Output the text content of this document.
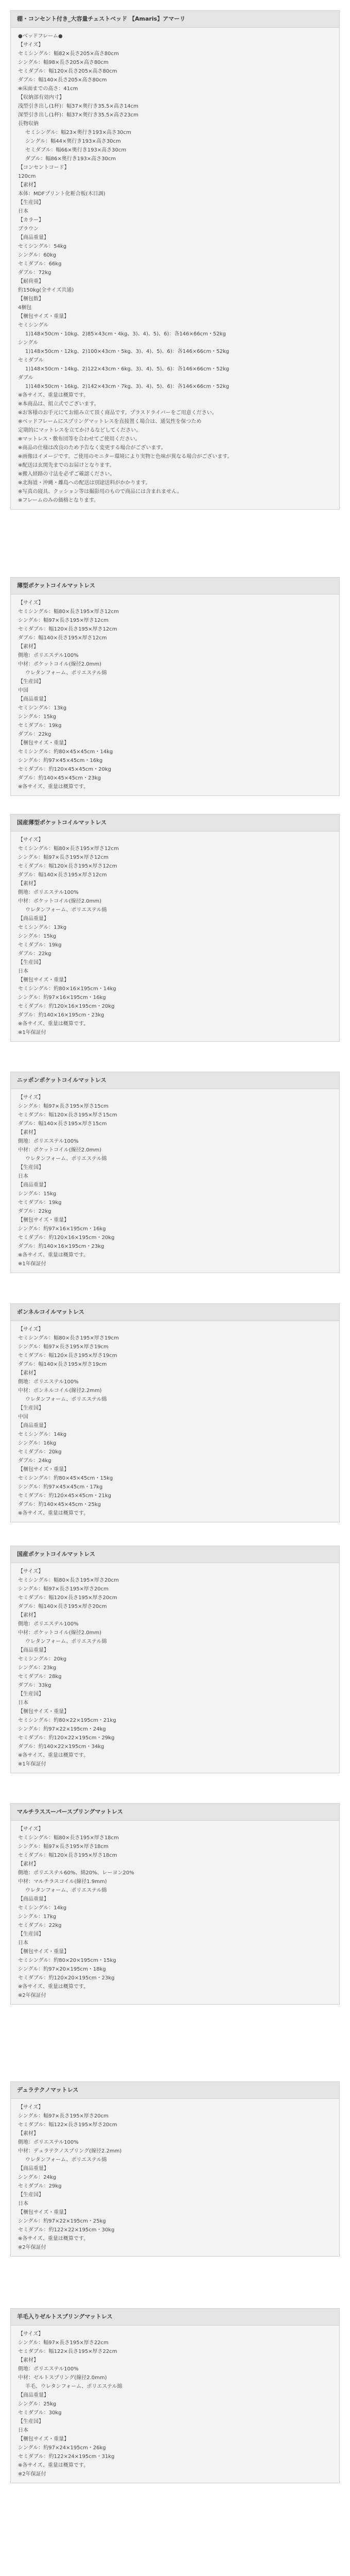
棚・コンセント付き_大容量チェストベッド 【Amaris】アマーリ
●ベッドフレーム●
【サイズ】
セミシングル：幅82×長さ205×高さ80cm
シングル：幅98×長さ205×高さ80cm
セミダブル：幅120×長さ205×高さ80cm
ダブル：幅140×長さ205×高さ80cm
※床面までの高さ：41cm
【収納部有効内寸】
浅型引き出し(1杯)：幅37×奥行き35.5×高さ14cm
深型引き出し(1杯)：幅37×奥行き35.5×高さ23cm
長物収納
セミシングル：幅23×奥行き193×高さ30cm
シングル：幅44×奥行き193×高さ30cm
セミダブル：幅66×奥行き193×高さ30cm
ダブル：幅86×奥行き193×高さ30cm
【コンセントコード】
120cm
【素材】
本体：MDFプリント化粧合板(木目調)
【生産国】
日本
【カラー】
ブラウン
【商品重量】
セミシングル：54kg
シングル：60kg
セミダブル：66kg
ダブル：72kg
【耐荷重】
約150kg(全サイズ共通)
【梱包数】
4梱包
【梱包サイズ・重量】
セミシングル
1)148×50cm・10kg、2)85×43cm・4kg、3)、4)、5)、6)：各146×66cm・52kg
シングル
1)148×50cm・12kg、2)100×43cm・5kg、3)、4)、5)、6)：各146×66cm・52kg
セミダブル
1)148×50cm・14kg、2)122×43cm・6kg、3)、4)、5)、6)：各146×66cm・52kg
ダブル
1)148×50cm・16kg、2)142×43cm・7kg、3)、4)、5)、6)：各146×66cm・52kg
※各サイズ、重量は概算です。
※本商品は、組立式でございます。
※お客様のお手元にてお組み立て頂く商品です。プラスドライバーをご用意ください。
※ベッドフレームにスプリングマットレスを直接置く場合は、通気性を保つため
定期的にマットレスを立てかけるなどしてください。
※マットレス・敷布団等を合わせてご使用ください。
※商品の仕様は改良のため予告なく変更する場合がございます。
※画像はイメージです。ご使用のモニター環境により実物と色味が異なる場合がございます。
※配送は玄関先までのお届けとなります。
※搬入経路の寸法を必ずご確認ください。
※北海道・沖縄・離島への配送は別途送料がかかります。
※写真の寝具、クッション等は撮影用のもので商品には含まれません。
※フレームのみの価格となります。
薄型ポケットコイルマットレス
【サイズ】
セミシングル：幅80×長さ195×厚さ12cm
シングル：幅97×長さ195×厚さ12cm
セミダブル：幅120×長さ195×厚さ12cm
ダブル：幅140×長さ195×厚さ12cm
【素材】
側地：ポリエステル100%
中材：ポケットコイル(線径2.0mm)
ウレタンフォーム、ポリエステル綿
【生産国】
中国
【商品重量】
セミシングル：13kg
シングル：15kg
セミダブル：19kg
ダブル：22kg
【梱包サイズ・重量】
セミシングル：約80×45×45cm・14kg
シングル：約97×45×45cm・16kg
セミダブル：約120×45×45cm・20kg
ダブル：約140×45×45cm・23kg
※各サイズ、重量は概算です。
国産薄型ポケットコイルマットレス
【サイズ】
セミシングル：幅80×長さ195×厚さ12cm
シングル：幅97×長さ195×厚さ12cm
セミダブル：幅120×長さ195×厚さ12cm
ダブル：幅140×長さ195×厚さ12cm
【素材】
側地：ポリエステル100%
中材：ポケットコイル(線径2.0mm)
ウレタンフォーム、ポリエステル綿
【商品重量】
セミシングル：13kg
シングル：15kg
セミダブル：19kg
ダブル：22kg
【生産国】
日本
【梱包サイズ・重量】
セミシングル：約80×16×195cm・14kg
シングル：約97×16×195cm・16kg
セミダブル：約120×16×195cm・20kg
ダブル：約140×16×195cm・23kg
※各サイズ、重量は概算です。
※1年保証付
ニッポンポケットコイルマットレス
【サイズ】
シングル：幅97×長さ195×厚さ15cm
セミダブル：幅120×長さ195×厚さ15cm
ダブル：幅140×長さ195×厚さ15cm
【素材】
側地：ポリエステル100%
中材：ポケットコイル(線径2.0mm)
ウレタンフォーム、ポリエステル綿
【生産国】
日本
【商品重量】
シングル：15kg
セミダブル：19kg
ダブル：22kg
【梱包サイズ・重量】
シングル：約97×16×195cm・16kg
セミダブル：約120×16×195cm・20kg
ダブル：約140×16×195cm・23kg
※各サイズ、重量は概算です。
※1年保証付
ボンネルコイルマットレス
【サイズ】
セミシングル：幅80×長さ195×厚さ19cm
シングル：幅97×長さ195×厚さ19cm
セミダブル：幅120×長さ195×厚さ19cm
ダブル：幅140×長さ195×厚さ19cm
【素材】
側地：ポリエステル100%
中材：ボンネルコイル(線径2.2mm)
ウレタンフォーム、ポリエステル綿
【生産国】
中国
【商品重量】
セミシングル：14kg
シングル：16kg
セミダブル：20kg
ダブル：24kg
【梱包サイズ・重量】
セミシングル：約80×45×45cm・15kg
シングル：約97×45×45cm・17kg
セミダブル：約120×45×45cm・21kg
ダブル：約140×45×45cm・25kg
※各サイズ、重量は概算です。
国産ポケットコイルマットレス
【サイズ】
セミシングル：幅80×長さ195×厚さ20cm
シングル：幅97×長さ195×厚さ20cm
セミダブル：幅120×長さ195×厚さ20cm
ダブル：幅140×長さ195×厚さ20cm
【素材】
側地：ポリエステル100%
中材：ポケットコイル(線径2.0mm)
ウレタンフォーム、ポリエステル綿
【商品重量】
セミシングル：20kg
シングル：23kg
セミダブル：28kg
ダブル：33kg
【生産国】
日本
【梱包サイズ・重量】
セミシングル：約80×22×195cm・21kg
シングル：約97×22×195cm・24kg
セミダブル：約120×22×195cm・29kg
ダブル：約140×22×195cm・34kg
※各サイズ、重量は概算です。
※1年保証付
マルチラススーパースプリングマットレス
【サイズ】
セミシングル：幅80×長さ195×厚さ18cm
シングル：幅97×長さ195×厚さ18cm
セミダブル：幅120×長さ195×厚さ18cm
【素材】
側地：ポリエステル60%、綿20%、レーヨン20%
中材：マルチラスコイル(線径1.9mm)
ウレタンフォーム、ポリエステル綿
【商品重量】
セミシングル：14kg
シングル：17kg
セミダブル：22kg
【生産国】
日本
【梱包サイズ・重量】
セミシングル：約80×20×195cm・15kg
シングル：約97×20×195cm・18kg
セミダブル：約120×20×195cm・23kg
※各サイズ、重量は概算です。
※2年保証付
デュラテクノマットレス
【サイズ】
シングル：幅97×長さ195×厚さ20cm
セミダブル：幅122×長さ195×厚さ20cm
【素材】
側地：ポリエステル100%
中材：デュラテクノスプリング(線径2.2mm)
ウレタンフォーム、ポリエステル綿
【商品重量】
シングル：24kg
セミダブル：29kg
【生産国】
日本
【梱包サイズ・重量】
シングル：約97×22×195cm・25kg
セミダブル：約122×22×195cm・30kg
※各サイズ、重量は概算です。
※2年保証付
羊毛入りゼルトスプリングマットレス
【サイズ】
シングル：幅97×長さ195×厚さ22cm
セミダブル：幅122×長さ195×厚さ22cm
【素材】
側地：ポリエステル100%
中材：ゼルトスプリング(線径2.0mm)
羊毛、ウレタンフォーム、ポリエステル綿
【商品重量】
シングル：25kg
セミダブル：30kg
【生産国】
日本
【梱包サイズ・重量】
シングル：約97×24×195cm・26kg
セミダブル：約122×24×195cm・31kg
※各サイズ、重量は概算です。
※2年保証付
